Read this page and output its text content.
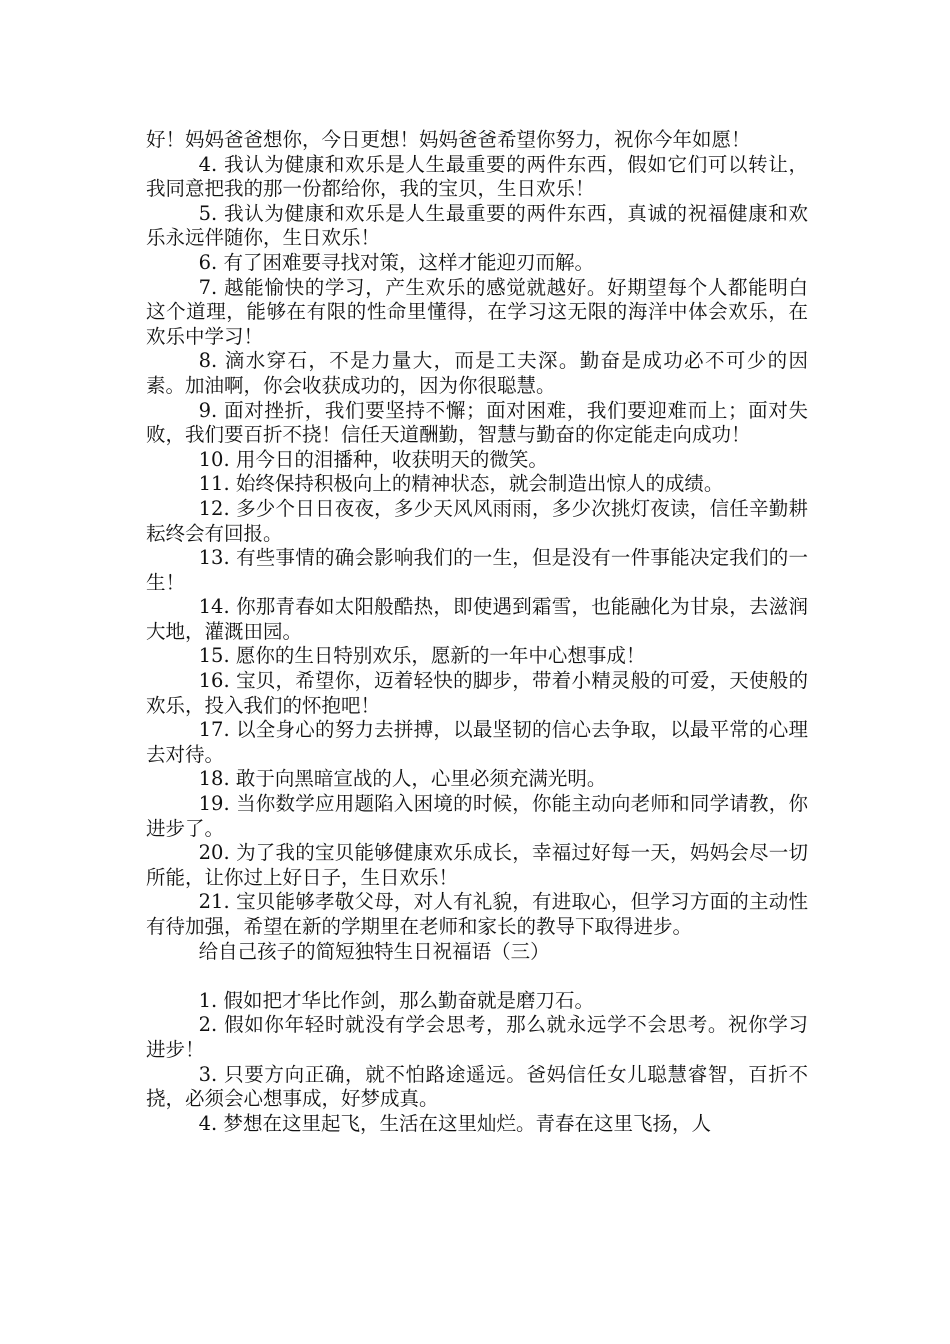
好！妈妈爸爸想你，今日更想！妈妈爸爸希望你努力，祝你今年如愿！

4. 我认为健康和欢乐是人生最重要的两件东西，假如它们可以转让，我同意把我的那一份都给你，我的宝贝，生日欢乐！

5. 我认为健康和欢乐是人生最重要的两件东西，真诚的祝福健康和欢乐永远伴随你，生日欢乐！

6. 有了困难要寻找对策，这样才能迎刃而解。

7. 越能愉快的学习，产生欢乐的感觉就越好。好期望每个人都能明白这个道理，能够在有限的性命里懂得，在学习这无限的海洋中体会欢乐，在欢乐中学习！

8. 滴水穿石，不是力量大，而是工夫深。勤奋是成功必不可少的因素。加油啊，你会收获成功的，因为你很聪慧。

9. 面对挫折，我们要坚持不懈；面对困难，我们要迎难而上；面对失败，我们要百折不挠！信任天道酬勤，智慧与勤奋的你定能走向成功！

10. 用今日的泪播种，收获明天的微笑。

11. 始终保持积极向上的精神状态，就会制造出惊人的成绩。

12. 多少个日日夜夜，多少天风风雨雨，多少次挑灯夜读，信任辛勤耕耘终会有回报。

13. 有些事情的确会影响我们的一生，但是没有一件事能决定我们的一生！

14. 你那青春如太阳般酷热，即使遇到霜雪，也能融化为甘泉，去滋润大地，灌溉田园。

15. 愿你的生日特别欢乐，愿新的一年中心想事成！

16. 宝贝，希望你，迈着轻快的脚步，带着小精灵般的可爱，天使般的欢乐，投入我们的怀抱吧！

17. 以全身心的努力去拼搏，以最坚韧的信心去争取，以最平常的心理去对待。

18. 敢于向黑暗宣战的人，心里必须充满光明。

19. 当你数学应用题陷入困境的时候，你能主动向老师和同学请教，你进步了。

20. 为了我的宝贝能够健康欢乐成长，幸福过好每一天，妈妈会尽一切所能，让你过上好日子，生日欢乐！

21. 宝贝能够孝敬父母，对人有礼貌，有进取心，但学习方面的主动性有待加强，希望在新的学期里在老师和家长的教导下取得进步。

给自己孩子的简短独特生日祝福语（三）

1. 假如把才华比作剑，那么勤奋就是磨刀石。

2. 假如你年轻时就没有学会思考，那么就永远学不会思考。祝你学习进步！

3. 只要方向正确，就不怕路途遥远。爸妈信任女儿聪慧睿智，百折不挠，必须会心想事成，好梦成真。

4. 梦想在这里起飞，生活在这里灿烂。青春在这里飞扬，人
